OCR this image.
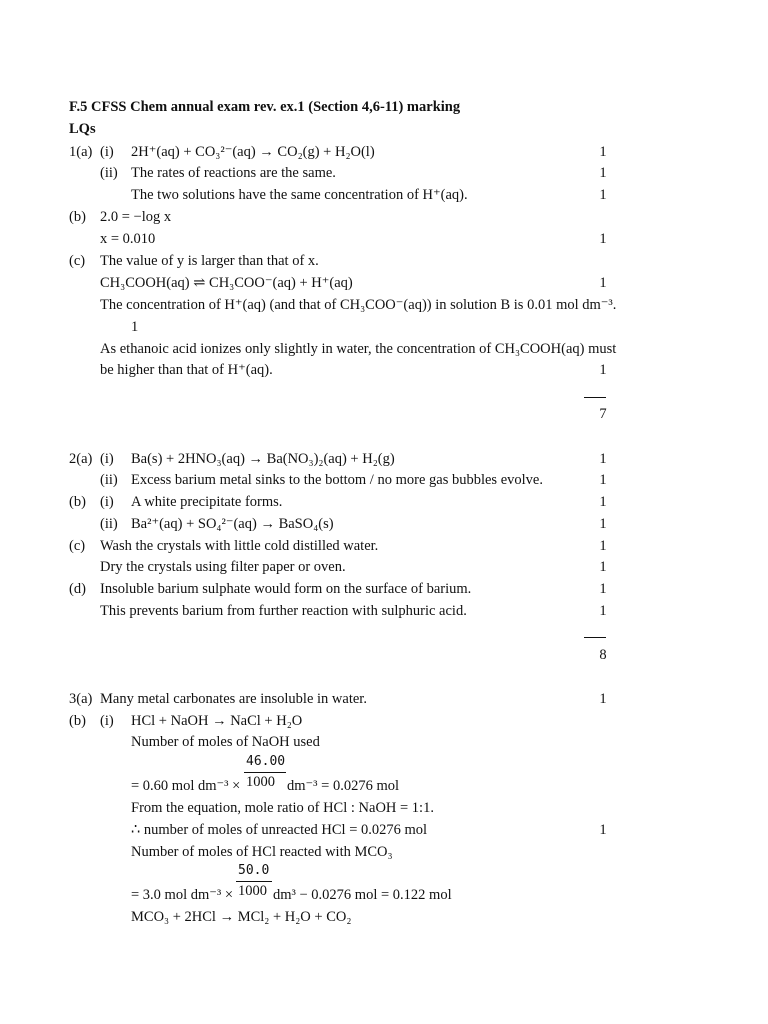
F.5 CFSS Chem annual exam rev. ex.1 (Section 4,6-11) marking
LQs
1(a) (i) 2H⁺(aq) + CO₃²⁻(aq) → CO₂(g) + H₂O(l)	1
(ii) The rates of reactions are the same.	1
The two solutions have the same concentration of H⁺(aq).	1
(b) 2.0 = −log x
x = 0.010	1
(c) The value of y is larger than that of x.
CH₃COOH(aq) ⇌ CH₃COO⁻(aq) + H⁺(aq)	1
The concentration of H⁺(aq) (and that of CH₃COO⁻(aq)) in solution B is 0.01 mol dm⁻³.
1
As ethanoic acid ionizes only slightly in water, the concentration of CH₃COOH(aq) must
be higher than that of H⁺(aq).	1
7
2(a) (i) Ba(s) + 2HNO₃(aq) → Ba(NO₃)₂(aq) + H₂(g)	1
(ii) Excess barium metal sinks to the bottom / no more gas bubbles evolve.	1
(b) (i) A white precipitate forms.	1
(ii) Ba²⁺(aq) + SO₄²⁻(aq) → BaSO₄(s)	1
(c) Wash the crystals with little cold distilled water.	1
Dry the crystals using filter paper or oven.	1
(d) Insoluble barium sulphate would form on the surface of barium.	1
This prevents barium from further reaction with sulphuric acid.	1
8
3(a) Many metal carbonates are insoluble in water.	1
(b) (i) HCl + NaOH → NaCl + H₂O
Number of moles of NaOH used
46.00
= 0.60 mol dm⁻³ × 1000 dm⁻³ = 0.0276 mol
From the equation, mole ratio of HCl : NaOH = 1:1.
∴ number of moles of unreacted HCl = 0.0276 mol	1
Number of moles of HCl reacted with MCO₃
50.0
= 3.0 mol dm⁻³ × 1000 dm³ − 0.0276 mol = 0.122 mol
MCO₃ + 2HCl → MCl₂ + H₂O + CO₂
